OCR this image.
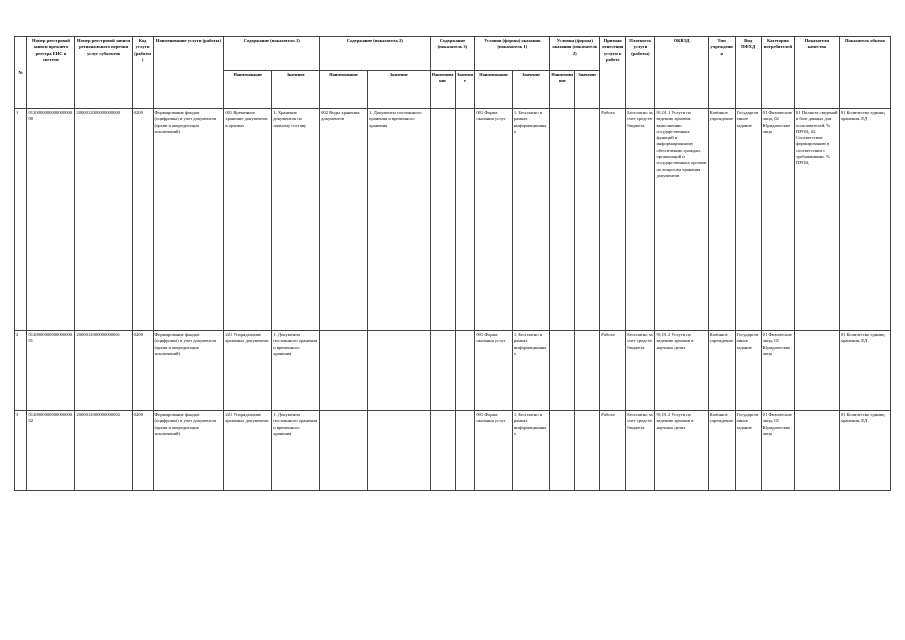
№	Номер реестровой записи прежнего реестра ЕИС в системе	Номер реестровой записи регионального перечня услуг субъектов	Код услуги (работы)	Наименование услуги (работы)	Содержание (показатель 1)		Содержание (показатель 2)		Содержание (показатель 3)		Условия (формы) оказания (показатель 1)		Условия (формы) оказания (показатель 2)		Признак отнесения услуги к работе	Платность услуги (работы)	ОКВЭД	Тип учреждения	Вид ПФХД	Категория потребителей	Показатели качества	Показатель объема
					Наименование	Значение	Наименование	Значение	Наименование	Значение	Наименование	Значение	Наименование	Значение								
1	012000000000000000000	2000012000000000000	0200	Формирование фондов (оцифровка) и учет документов (архив и аккредитация исключений)	001 Временное хранение документов в архивах	1. Хранение документов по личному составу	002 Виды хранения документов	1. Документы постоянного хранения и временного хранения			001 Форма оказания услуг	1. Бесплатно в рамках информационных			Работа	Бесплатно за счет средств бюджета	91.01.1 Услуги по ведению архивов, выполнению государственных функций и информационному обеспечению граждан, организаций и государственных органов по вопросам хранения документов	Казённое учреждение	Государственное задание	01 Физические лица, 02 Юридические лица	01 Полнота сведений в базе данных для пользователей, % ПРОЦ, 02 Соответствие формированию в соответствии с требованиями, % ПРОЦ	01 Количество единиц хранения, ЕД
2	012000000000000000001	2000012000000000001	0200	Формирование фондов (оцифровка) и учет документов (архив и аккредитация исключений)	221 Упорядочение архивных документов	1. Документы постоянного хранения и временного хранения					001 Форма оказания услуг	1. Бесплатно в рамках информационных			Работа	Бесплатно за счет средств бюджета	91.01.2 Услуги по ведению архивов в научных целях	Казённое учреждение	Государственное задание	01 Физические лица, 02 Юридические лица		01 Количество единиц хранения, ЕД
3	012000000000000000002	2000012000000000002	0200	Формирование фондов (оцифровка) и учет документов (архив и аккредитация исключений)	221 Упорядочение архивных документов	1. Документы постоянного хранения и временного хранения					001 Форма оказания услуг	1. Бесплатно в рамках информационных			Работа	Бесплатно за счет средств бюджета	91.01.2 Услуги по ведению архивов в научных целях	Казённое учреждение	Государственное задание	01 Физические лица, 02 Юридические лица		01 Количество единиц хранения, ЕД
